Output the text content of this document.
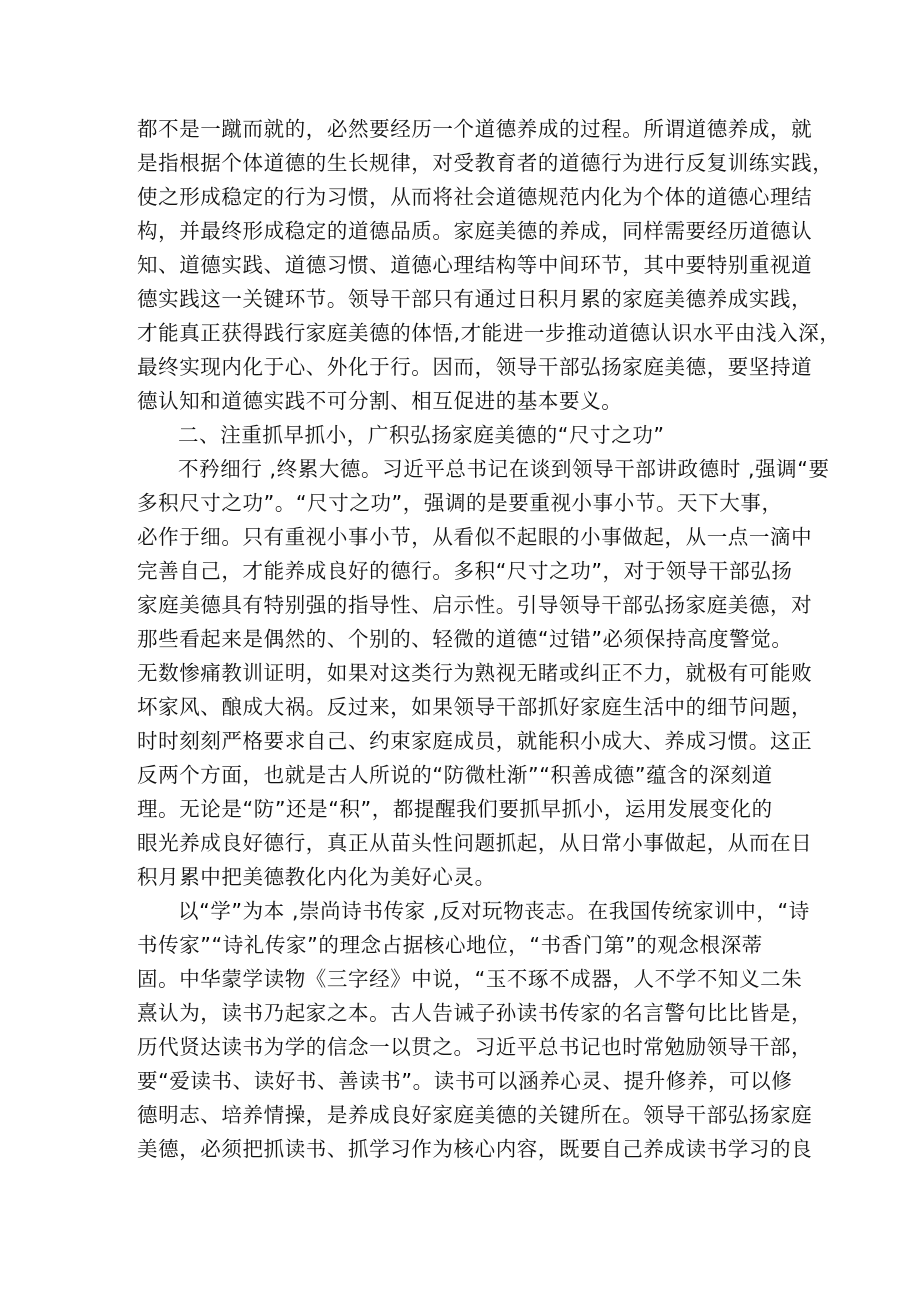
都不是一蹴而就的，必然要经历一个道德养成的过程。所谓道德养成，就
是指根据个体道德的生长规律，对受教育者的道德行为进行反复训练实践，
使之形成稳定的行为习惯，从而将社会道德规范内化为个体的道德心理结
构，并最终形成稳定的道德品质。家庭美德的养成，同样需要经历道德认
知、道德实践、道德习惯、道德心理结构等中间环节，其中要特别重视道
德实践这一关键环节。领导干部只有通过日积月累的家庭美德养成实践，
才能真正获得践行家庭美德的体悟,才能进一步推动道德认识水平由浅入深，
最终实现内化于心、外化于行。因而，领导干部弘扬家庭美德，要坚持道
德认知和道德实践不可分割、相互促进的基本要义。
二、注重抓早抓小，广积弘扬家庭美德的“尺寸之功”
不矜细行 ,终累大德。习近平总书记在谈到领导干部讲政德时 ,强调“要
多积尺寸之功”。“尺寸之功”，强调的是要重视小事小节。天下大事，
必作于细。只有重视小事小节，从看似不起眼的小事做起，从一点一滴中
完善自己，才能养成良好的德行。多积“尺寸之功”，对于领导干部弘扬
家庭美德具有特别强的指导性、启示性。引导领导干部弘扬家庭美德，对
那些看起来是偶然的、个别的、轻微的道德“过错”必须保持高度警觉。
无数惨痛教训证明，如果对这类行为熟视无睹或纠正不力，就极有可能败
坏家风、酿成大祸。反过来，如果领导干部抓好家庭生活中的细节问题，
时时刻刻严格要求自己、约束家庭成员，就能积小成大、养成习惯。这正
反两个方面，也就是古人所说的“防微杜渐”“积善成德”蕴含的深刻道
理。无论是“防”还是“积”，都提醒我们要抓早抓小，运用发展变化的
眼光养成良好德行，真正从苗头性问题抓起，从日常小事做起，从而在日
积月累中把美德教化内化为美好心灵。
以“学”为本 ,崇尚诗书传家 ,反对玩物丧志。在我国传统家训中，“诗
书传家”“诗礼传家”的理念占据核心地位，“书香门第”的观念根深蒂
固。中华蒙学读物《三字经》中说，“玉不琢不成器，人不学不知义二朱
熹认为，读书乃起家之本。古人告诫子孙读书传家的名言警句比比皆是，
历代贤达读书为学的信念一以贯之。习近平总书记也时常勉励领导干部，
要“爱读书、读好书、善读书”。读书可以涵养心灵、提升修养，可以修
德明志、培养情操，是养成良好家庭美德的关键所在。领导干部弘扬家庭
美德，必须把抓读书、抓学习作为核心内容，既要自己养成读书学习的良
